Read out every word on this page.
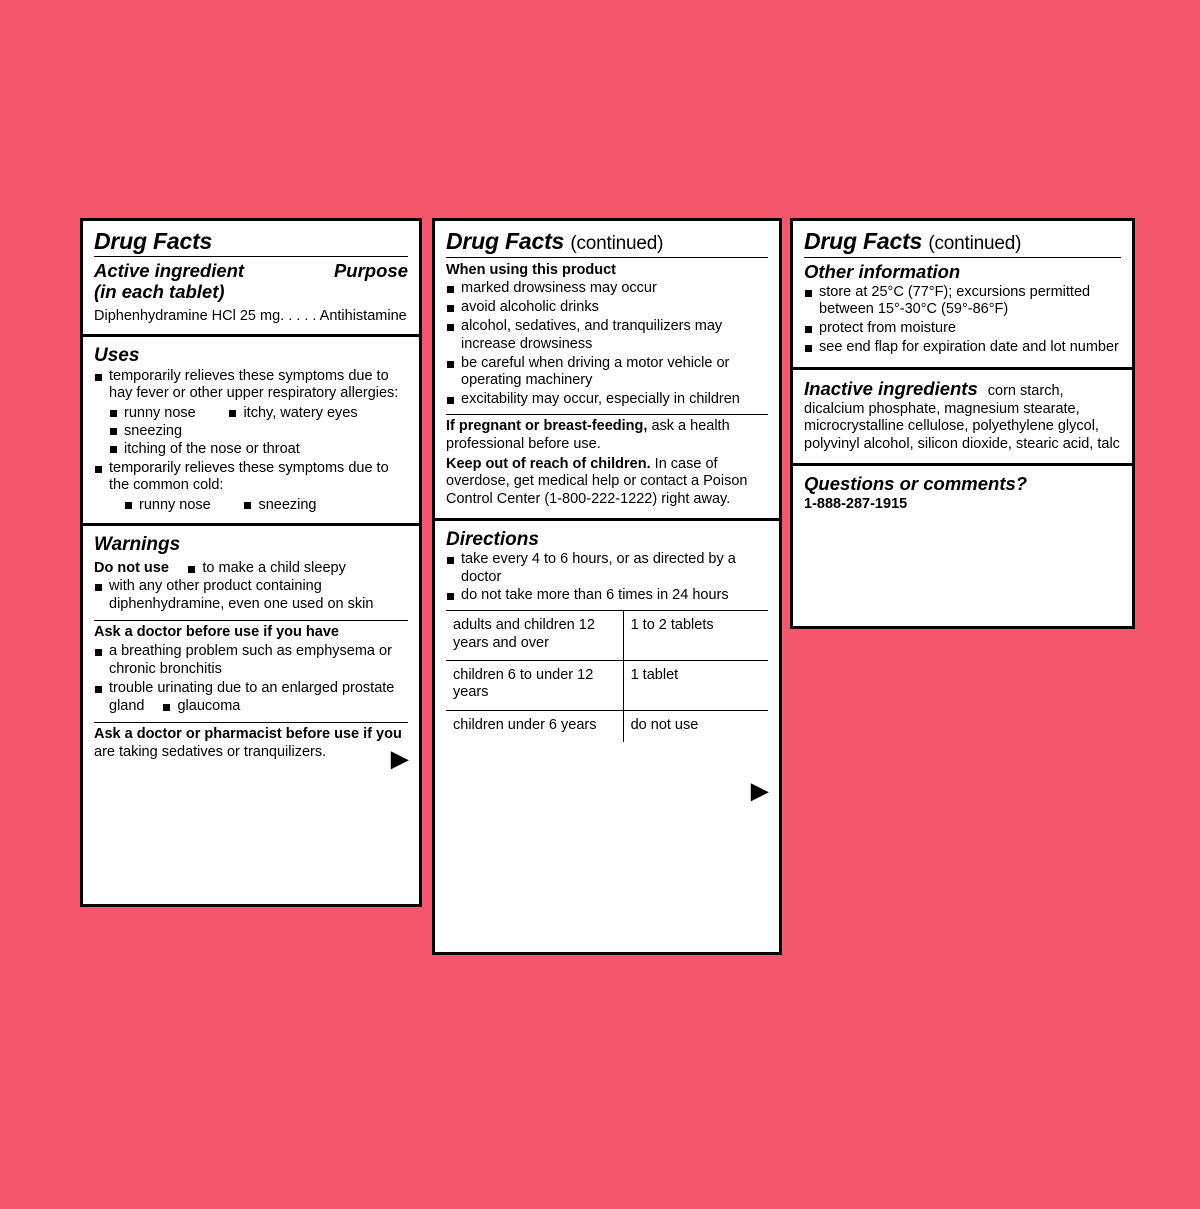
Drug Facts
Active ingredient	Purpose
(in each tablet)
Diphenhydramine HCl 25 mg. . . . . Antihistamine
Uses
temporarily relieves these symptoms due to hay fever or other upper respiratory allergies:
runny nose	itchy, watery eyes sneezing itching of the nose or throat
temporarily relieves these symptoms due to the common cold:
runny nose	sneezing
Warnings
Do not use to make a child sleepy
with any other product containing diphenhydramine, even one used on skin
Ask a doctor before use if you have
a breathing problem such as emphysema or chronic bronchitis
trouble urinating due to an enlarged prostate gland glaucoma
Ask a doctor or pharmacist before use if you
are taking sedatives or tranquilizers.	▶
Drug Facts (continued)
When using this product
marked drowsiness may occur
avoid alcoholic drinks
alcohol, sedatives, and tranquilizers may increase drowsiness
be careful when driving a motor vehicle or operating machinery
excitability may occur, especially in children
If pregnant or breast-feeding, ask a health professional before use.
Keep out of reach of children. In case of overdose, get medical help or contact a Poison Control Center (1-800-222-1222) right away.
Directions
take every 4 to 6 hours, or as directed by a doctor
do not take more than 6 times in 24 hours
adults and children 12 years and over	1 to 2 tablets
children 6 to under 12 years	1 tablet
children under 6 years	do not use
▶
Drug Facts (continued)
Other information
store at 25°C (77°F); excursions permitted between 15°-30°C (59°-86°F)
protect from moisture
see end flap for expiration date and lot number
Inactive ingredients corn starch, dicalcium phosphate, magnesium stearate, microcrystalline cellulose, polyethylene glycol, polyvinyl alcohol, silicon dioxide, stearic acid, talc
Questions or comments?
1-888-287-1915
